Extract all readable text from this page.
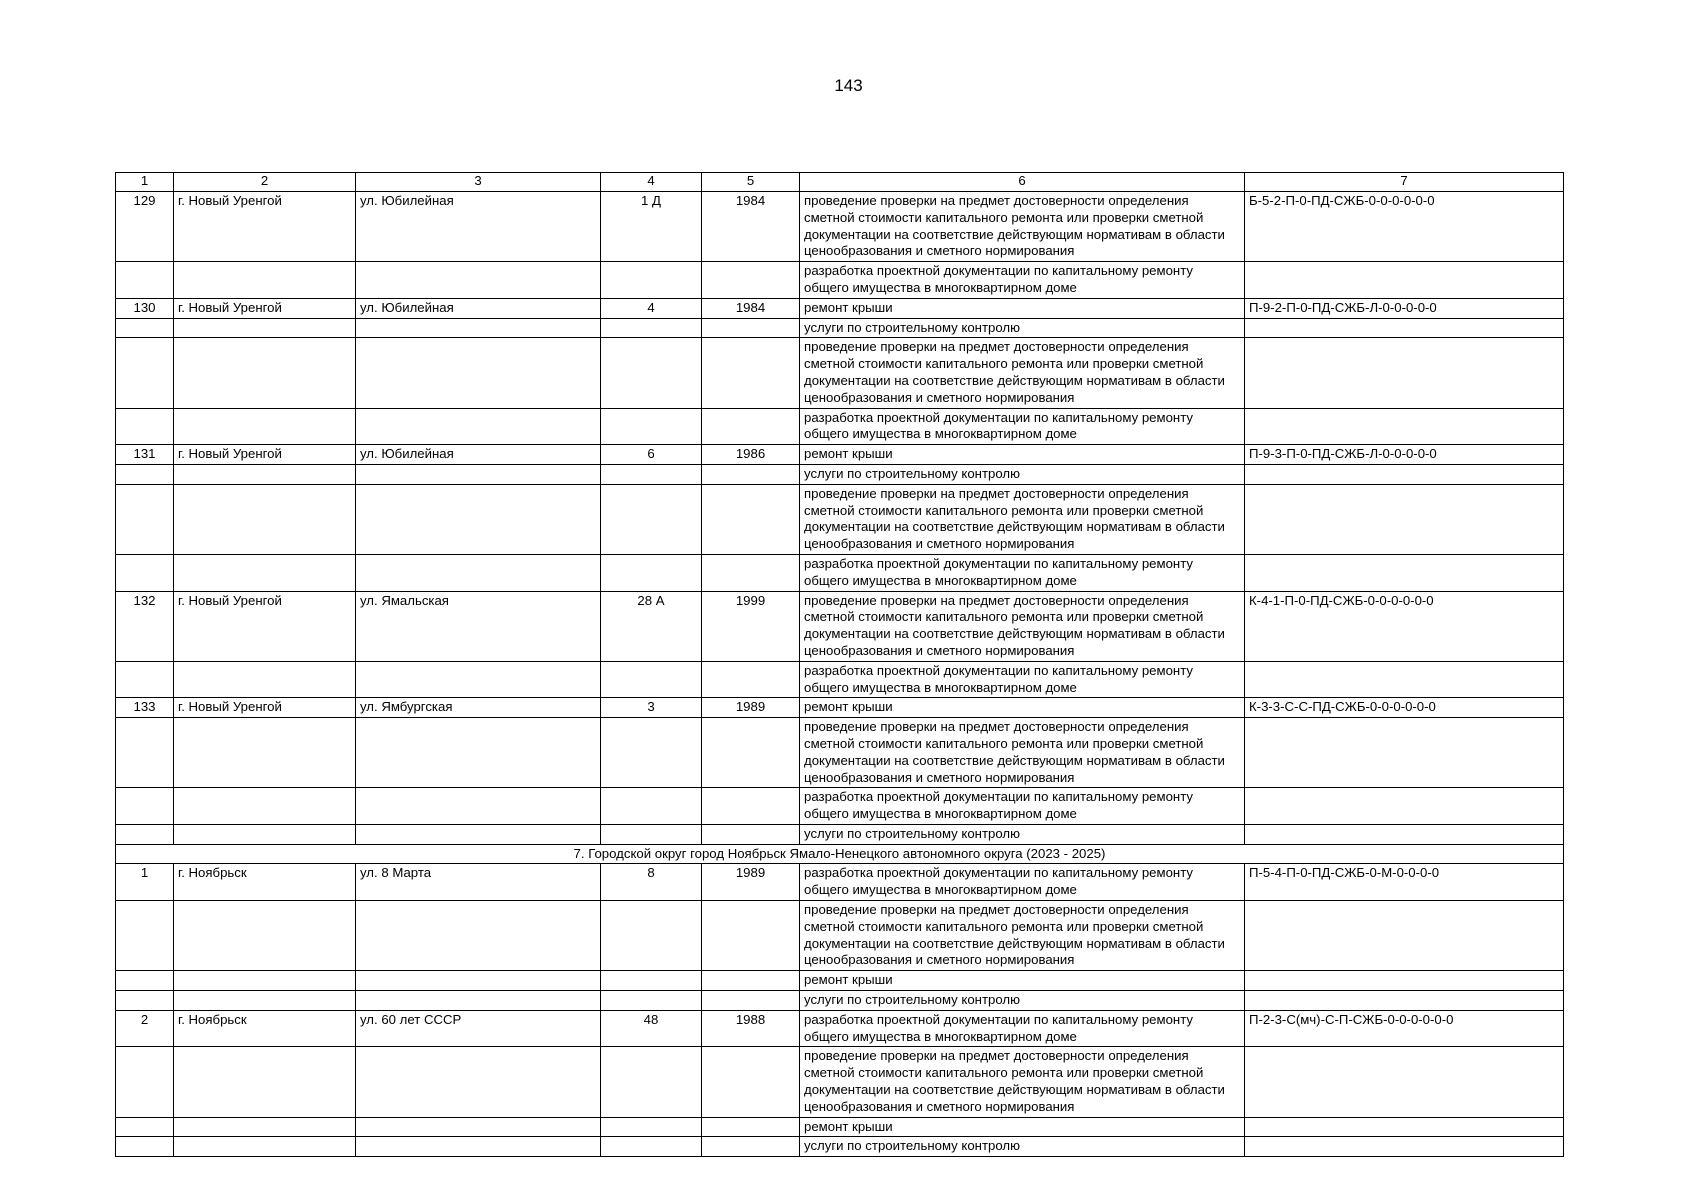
143
1	2	3	4	5	6	7
129	г. Новый Уренгой	ул. Юбилейная	1 Д	1984	проведение проверки на предмет достоверности определения сметной стоимости капитального ремонта или проверки сметной документации на соответствие действующим нормативам в области ценообразования и сметного нормирования	Б-5-2-П-0-ПД-СЖБ-0-0-0-0-0-0
					разработка проектной документации по капитальному ремонту общего имущества в многоквартирном доме	
130	г. Новый Уренгой	ул. Юбилейная	4	1984	ремонт крыши	П-9-2-П-0-ПД-СЖБ-Л-0-0-0-0-0
					услуги по строительному контролю	
					проведение проверки на предмет достоверности определения сметной стоимости капитального ремонта или проверки сметной документации на соответствие действующим нормативам в области ценообразования и сметного нормирования	
					разработка проектной документации по капитальному ремонту общего имущества в многоквартирном доме	
131	г. Новый Уренгой	ул. Юбилейная	6	1986	ремонт крыши	П-9-3-П-0-ПД-СЖБ-Л-0-0-0-0-0
					услуги по строительному контролю	
					проведение проверки на предмет достоверности определения сметной стоимости капитального ремонта или проверки сметной документации на соответствие действующим нормативам в области ценообразования и сметного нормирования	
					разработка проектной документации по капитальному ремонту общего имущества в многоквартирном доме	
132	г. Новый Уренгой	ул. Ямальская	28 А	1999	проведение проверки на предмет достоверности определения сметной стоимости капитального ремонта или проверки сметной документации на соответствие действующим нормативам в области ценообразования и сметного нормирования	К-4-1-П-0-ПД-СЖБ-0-0-0-0-0-0
					разработка проектной документации по капитальному ремонту общего имущества в многоквартирном доме	
133	г. Новый Уренгой	ул. Ямбургская	3	1989	ремонт крыши	К-3-3-С-С-ПД-СЖБ-0-0-0-0-0-0
					проведение проверки на предмет достоверности определения сметной стоимости капитального ремонта или проверки сметной документации на соответствие действующим нормативам в области ценообразования и сметного нормирования	
					разработка проектной документации по капитальному ремонту общего имущества в многоквартирном доме	
					услуги по строительному контролю	
7. Городской округ город Ноябрьск Ямало-Ненецкого автономного округа (2023 - 2025)						
1	г. Ноябрьск	ул. 8 Марта	8	1989	разработка проектной документации по капитальному ремонту общего имущества в многоквартирном доме	П-5-4-П-0-ПД-СЖБ-0-М-0-0-0-0
					проведение проверки на предмет достоверности определения сметной стоимости капитального ремонта или проверки сметной документации на соответствие действующим нормативам в области ценообразования и сметного нормирования	
					ремонт крыши	
					услуги по строительному контролю	
2	г. Ноябрьск	ул. 60 лет СССР	48	1988	разработка проектной документации по капитальному ремонту общего имущества в многоквартирном доме	П-2-3-С(мч)-С-П-СЖБ-0-0-0-0-0-0
					проведение проверки на предмет достоверности определения сметной стоимости капитального ремонта или проверки сметной документации на соответствие действующим нормативам в области ценообразования и сметного нормирования	
					ремонт крыши	
					услуги по строительному контролю	
